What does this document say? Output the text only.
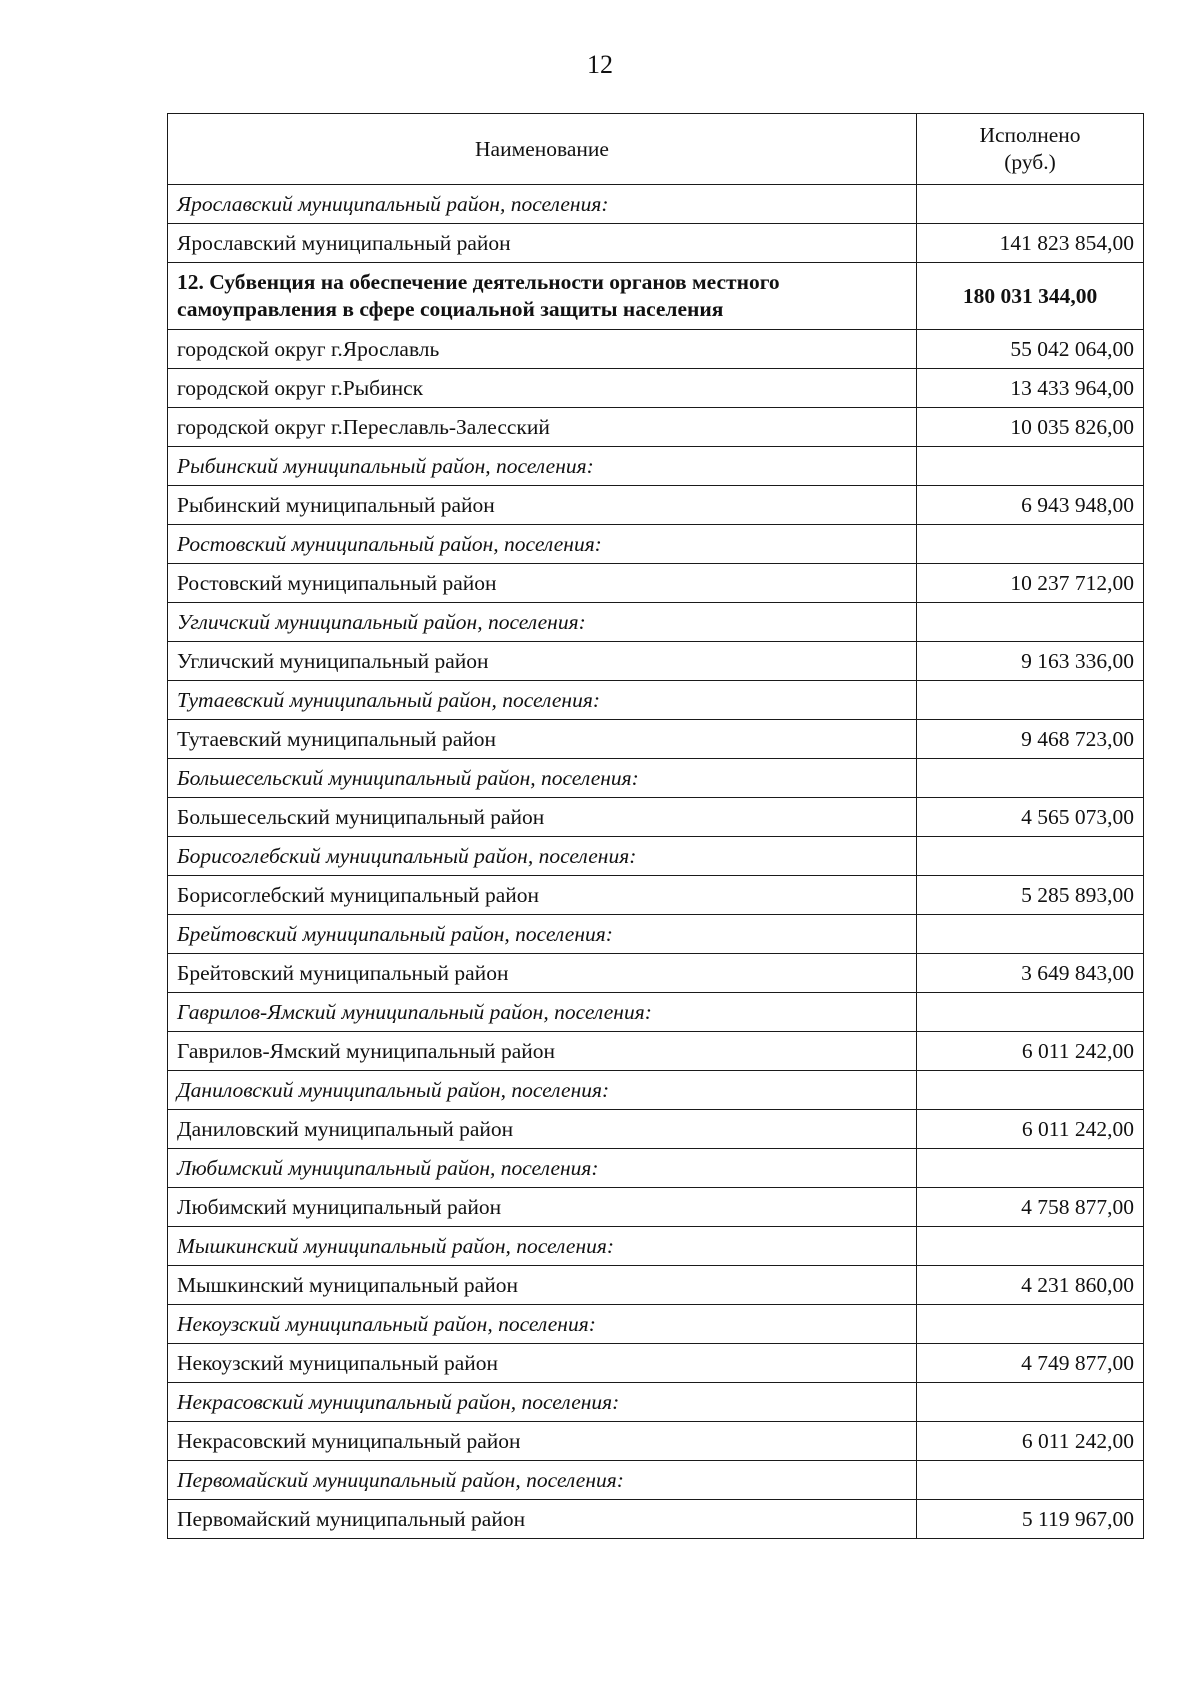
12
Наименование	Исполнено
(руб.)
Ярославский муниципальный район, поселения:	
Ярославский муниципальный район	141 823 854,00
12. Субвенция на обеспечение деятельности органов местного самоуправления в сфере социальной защиты населения	180 031 344,00
городской округ г.Ярославль	55 042 064,00
городской округ г.Рыбинск	13 433 964,00
городской округ г.Переславль-Залесский	10 035 826,00
Рыбинский муниципальный район, поселения:	
Рыбинский муниципальный район	6 943 948,00
Ростовский муниципальный район, поселения:	
Ростовский муниципальный район	10 237 712,00
Угличский муниципальный район, поселения:	
Угличский муниципальный район	9 163 336,00
Тутаевский муниципальный район, поселения:	
Тутаевский муниципальный район	9 468 723,00
Большесельский муниципальный район, поселения:	
Большесельский муниципальный район	4 565 073,00
Борисоглебский муниципальный район, поселения:	
Борисоглебский муниципальный район	5 285 893,00
Брейтовский муниципальный район, поселения:	
Брейтовский муниципальный район	3 649 843,00
Гаврилов-Ямский муниципальный район, поселения:	
Гаврилов-Ямский муниципальный район	6 011 242,00
Даниловский муниципальный район, поселения:	
Даниловский муниципальный район	6 011 242,00
Любимский муниципальный район, поселения:	
Любимский муниципальный район	4 758 877,00
Мышкинский муниципальный район, поселения:	
Мышкинский муниципальный район	4 231 860,00
Некоузский муниципальный район, поселения:	
Некоузский муниципальный район	4 749 877,00
Некрасовский муниципальный район, поселения:	
Некрасовский муниципальный район	6 011 242,00
Первомайский муниципальный район, поселения:	
Первомайский муниципальный район	5 119 967,00
